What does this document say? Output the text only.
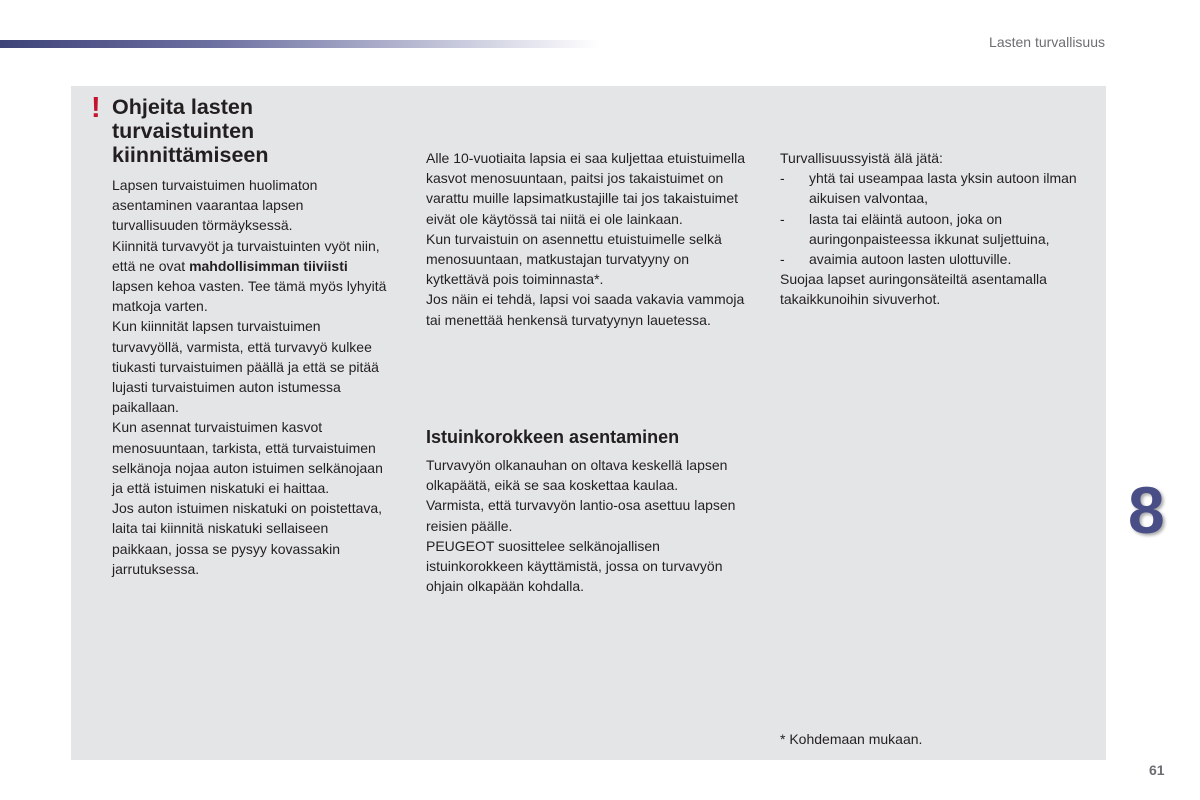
Lasten turvallisuus
! Ohjeita lasten turvaistuinten kiinnittämiseen

Lapsen turvaistuimen huolimaton asentaminen vaarantaa lapsen turvallisuuden törmäyksessä.

Kiinnitä turvavyöt ja turvaistuinten vyöt niin, että ne ovat mahdollisimman tiiviisti lapsen kehoa vasten. Tee tämä myös lyhyitä matkoja varten.

Kun kiinnität lapsen turvaistuimen turvavyöllä, varmista, että turvavyö kulkee tiukasti turvaistuimen päällä ja että se pitää lujasti turvaistuimen auton istumessa paikallaan.

Kun asennat turvaistuimen kasvot menosuuntaan, tarkista, että turvaistuimen selkänoja nojaa auton istuimen selkänojaan ja että istuimen niskatuki ei haittaa.

Jos auton istuimen niskatuki on poistettava, laita tai kiinnitä niskatuki sellaiseen paikkaan, jossa se pysyy kovassakin jarrutuksessa.

Alle 10-vuotiaita lapsia ei saa kuljettaa etuistuimella kasvot menosuuntaan, paitsi jos takaistuimet on varattu muille lapsimatkustajille tai jos takaistuimet eivät ole käytössä tai niitä ei ole lainkaan.

Kun turvaistuin on asennettu etuistuimelle selkä menosuuntaan, matkustajan turvatyyny on kytkettävä pois toiminnasta*.

Jos näin ei tehdä, lapsi voi saada vakavia vammoja tai menettää henkensä turvatyynyn lauetessa.

Istuinkorokkeen asentaminen

Turvavyön olkanauhan on oltava keskellä lapsen olkapäätä, eikä se saa koskettaa kaulaa.

Varmista, että turvavyön lantio-osa asettuu lapsen reisien päälle.

PEUGEOT suosittelee selkänojallisen istuinkorokkeen käyttämistä, jossa on turvavyön ohjain olkapään kohdalla.

Turvallisuussyistä älä jätä:

- yhtä tai useampaa lasta yksin autoon ilman aikuisen valvontaa,
- lasta tai eläintä autoon, joka on auringonpaisteessa ikkunat suljettuina,
- avaimia autoon lasten ulottuville.

Suojaa lapset auringonsäteiltä asentamalla takaikkunoihin sivuverhot.

* Kohdemaan mukaan.
8
61
